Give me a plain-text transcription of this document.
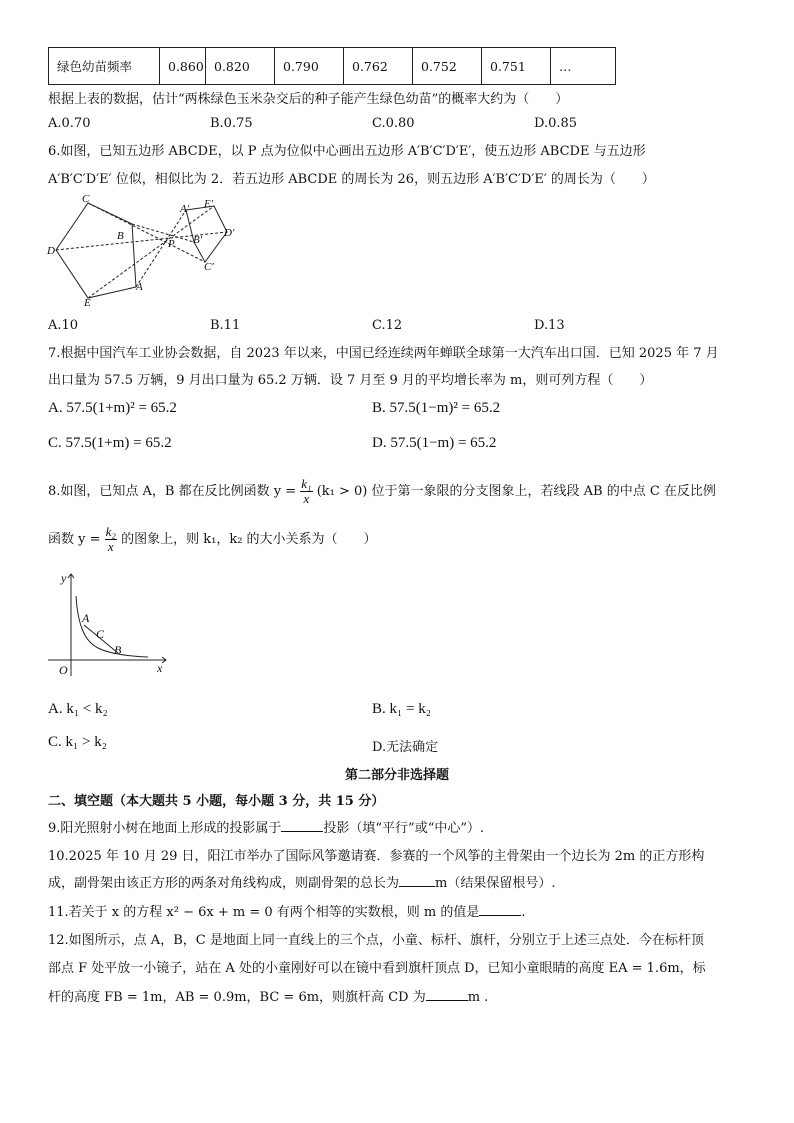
绿色幼苗频率	0.860	0.820	0.790	0.762	0.752	0.751	…
根据上表的数据，估计“两株绿色玉米杂交后的种子能产生绿色幼苗”的概率大约为（　　）
A.0.70	B.0.75	C.0.80	D.0.85
6.如图，已知五边形 ABCDE，以 P 点为位似中心画出五边形 A′B′C′D′E′，使五边形 ABCDE 与五边形
A′B′C′D′E′ 位似，相似比为 2．若五边形 ABCDE 的周长为 26，则五边形 A′B′C′D′E′ 的周长为（　　）
C
B
D
E
A
P
A′ E′
B′
D′
C′
A.10	B.11	C.12	D.13
7.根据中国汽车工业协会数据，自 2023 年以来，中国已经连续两年蝉联全球第一大汽车出口国．已知 2025 年 7 月
出口量为 57.5 万辆，9 月出口量为 65.2 万辆．设 7 月至 9 月的平均增长率为 m，则可列方程（　　）
A. 57.5(1+m)² = 65.2	B. 57.5(1−m)² = 65.2
C. 57.5(1+m) = 65.2	D. 57.5(1−m) = 65.2
8.如图，已知点 A，B 都在反比例函数 $y = \frac{\text{k₁}}{x} (k_1 > 0)$ 位于第一象限的分支图象上，若线段 AB 的中点 C 在反比例
函数 $y = \frac{\text{k₂}}{x}$ 的图象上，则 k₁，k₂ 的大小关系为（　　）
y
A
C
B
O	x
A. k₁ < k₂	B. k₁ = k₂
C. k₁ > k₂	D.无法确定
第二部分非选择题
二、填空题（本大题共 5 小题，每小题 3 分，共 15 分）
9.阳光照射小树在地面上形成的投影属于	投影（填“平行”或“中心”）.
10.2025 年 10 月 29 日，阳江市举办了国际风筝邀请赛．参赛的一个风筝的主骨架由一个边长为 2m 的正方形构
成，副骨架由该正方形的两条对角线构成，则副骨架的总长为	m（结果保留根号）.
11.若关于 x 的方程 x² − 6x + m = 0 有两个相等的实数根，则 m 的值是	.
12.如图所示，点 A，B，C 是地面上同一直线上的三个点，小童、标杆、旗杆，分别立于上述三点处．今在标杆顶
部点 F 处平放一小镜子，站在 A 处的小童刚好可以在镜中看到旗杆顶点 D，已知小童眼睛的高度 EA = 1.6m，标
杆的高度 FB = 1m，AB = 0.9m，BC = 6m，则旗杆高 CD 为	m .
